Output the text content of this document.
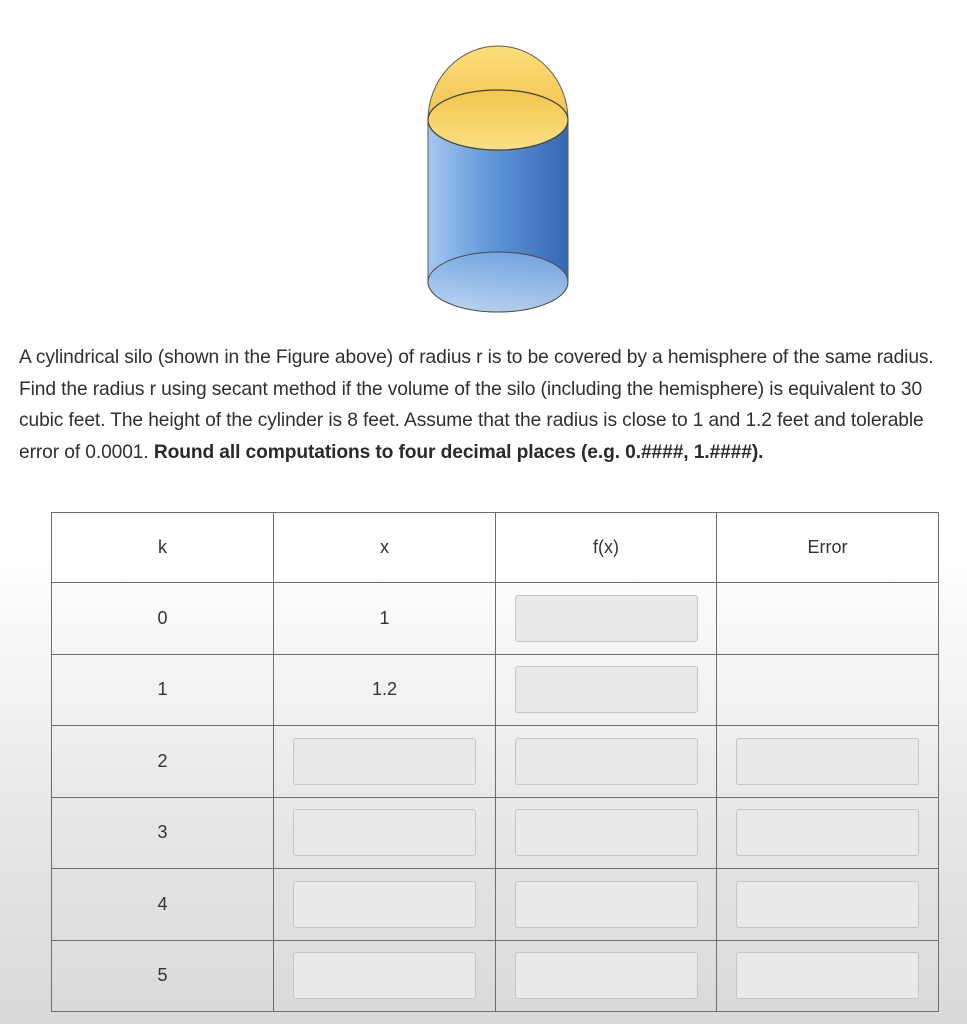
A cylindrical silo (shown in the Figure above) of radius r is to be covered by a hemisphere of the same radius. Find the radius r using secant method if the volume of the silo (including the hemisphere) is equivalent to 30 cubic feet. The height of the cylinder is 8 feet. Assume that the radius is close to 1 and 1.2 feet and tolerable error of 0.0001. Round all computations to four decimal places (e.g. 0.####, 1.####).
k	x	f(x)	Error
0	1	

1	1.2	

2	

3	

4	

5	
